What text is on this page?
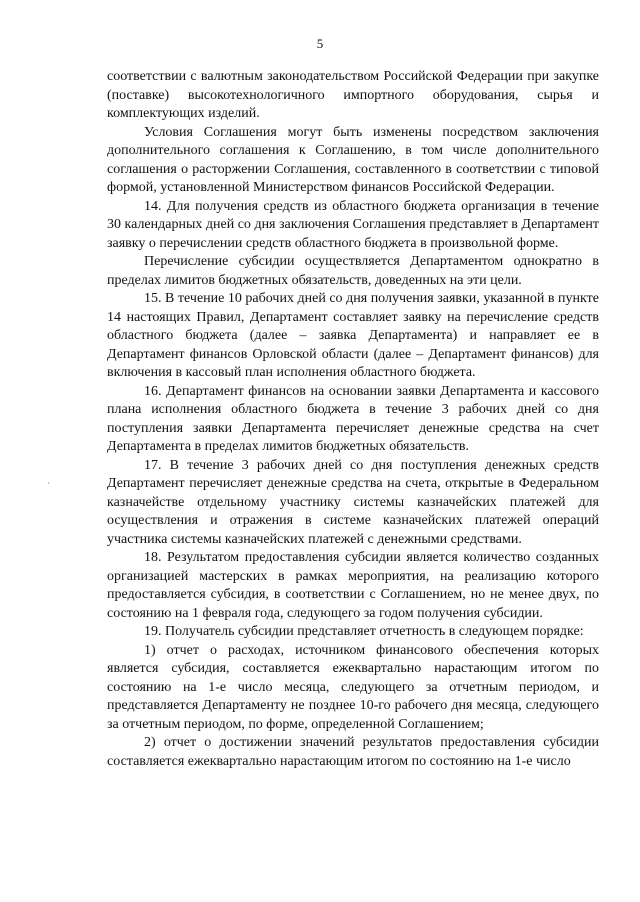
5

соответствии с валютным законодательством Российской Федерации при закупке (поставке) высокотехнологичного импортного оборудования, сырья и комплектующих изделий.

Условия Соглашения могут быть изменены посредством заключения дополнительного соглашения к Соглашению, в том числе дополнительного соглашения о расторжении Соглашения, составленного в соответствии с типовой формой, установленной Министерством финансов Российской Федерации.

14. Для получения средств из областного бюджета организация в течение 30 календарных дней со дня заключения Соглашения представляет в Департамент заявку о перечислении средств областного бюджета в произвольной форме.

Перечисление субсидии осуществляется Департаментом однократно в пределах лимитов бюджетных обязательств, доведенных на эти цели.

15. В течение 10 рабочих дней со дня получения заявки, указанной в пункте 14 настоящих Правил, Департамент составляет заявку на перечисление средств областного бюджета (далее – заявка Департамента) и направляет ее в Департамент финансов Орловской области (далее – Департамент финансов) для включения в кассовый план исполнения областного бюджета.

16. Департамент финансов на основании заявки Департамента и кассового плана исполнения областного бюджета в течение 3 рабочих дней со дня поступления заявки Департамента перечисляет денежные средства на счет Департамента в пределах лимитов бюджетных обязательств.

17. В течение 3 рабочих дней со дня поступления денежных средств Департамент перечисляет денежные средства на счета, открытые в Федеральном казначействе отдельному участнику системы казначейских платежей для осуществления и отражения в системе казначейских платежей операций участника системы казначейских платежей с денежными средствами.

18. Результатом предоставления субсидии является количество созданных организацией мастерских в рамках мероприятия, на реализацию которого предоставляется субсидия, в соответствии с Соглашением, но не менее двух, по состоянию на 1 февраля года, следующего за годом получения субсидии.

19. Получатель субсидии представляет отчетность в следующем порядке:

1) отчет о расходах, источником финансового обеспечения которых является субсидия, составляется ежеквартально нарастающим итогом по состоянию на 1-е число месяца, следующего за отчетным периодом, и представляется Департаменту не позднее 10-го рабочего дня месяца, следующего за отчетным периодом, по форме, определенной Соглашением;

2) отчет о достижении значений результатов предоставления субсидии составляется ежеквартально нарастающим итогом по состоянию на 1-е число
